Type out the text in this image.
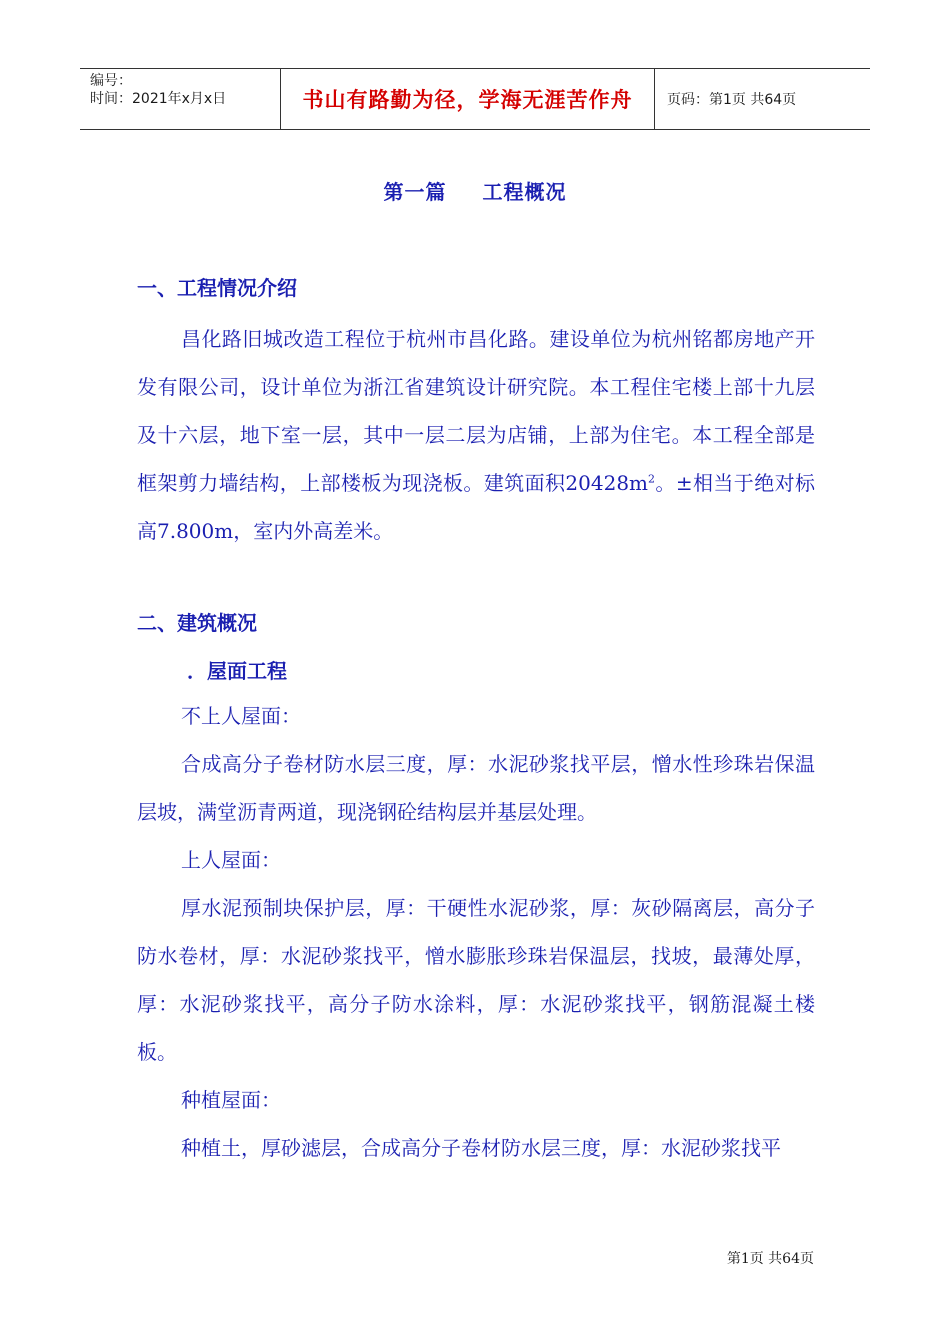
编号：
时间：2021年x月x日	书山有路勤为径，学海无涯苦作舟 页码：第1页 共64页
第一篇 工程概况
一、工程情况介绍
昌化路旧城改造工程位于杭州市昌化路。建设单位为杭州铭都房地产开发有限公司，设计单位为浙江省建筑设计研究院。本工程住宅楼上部十九层及十六层，地下室一层，其中一层二层为店铺，上部为住宅。本工程全部是框架剪力墙结构，上部楼板为现浇板。建筑面积$20428m^2$。±相当于绝对标高7.800m，室内外高差米。
二、建筑概况
．屋面工程
不上人屋面：
合成高分子卷材防水层三度，厚：水泥砂浆找平层，憎水性珍珠岩保温层坡，满堂沥青两道，现浇钢砼结构层并基层处理。
上人屋面：
厚水泥预制块保护层，厚：干硬性水泥砂浆，厚：灰砂隔离层，高分子防水卷材，厚：水泥砂浆找平，憎水膨胀珍珠岩保温层，找坡，最薄处厚，厚：水泥砂浆找平，高分子防水涂料，厚：水泥砂浆找平，钢筋混凝土楼板。
种植屋面：
种植土，厚砂滤层，合成高分子卷材防水层三度，厚：水泥砂浆找平
第1页 共64页
